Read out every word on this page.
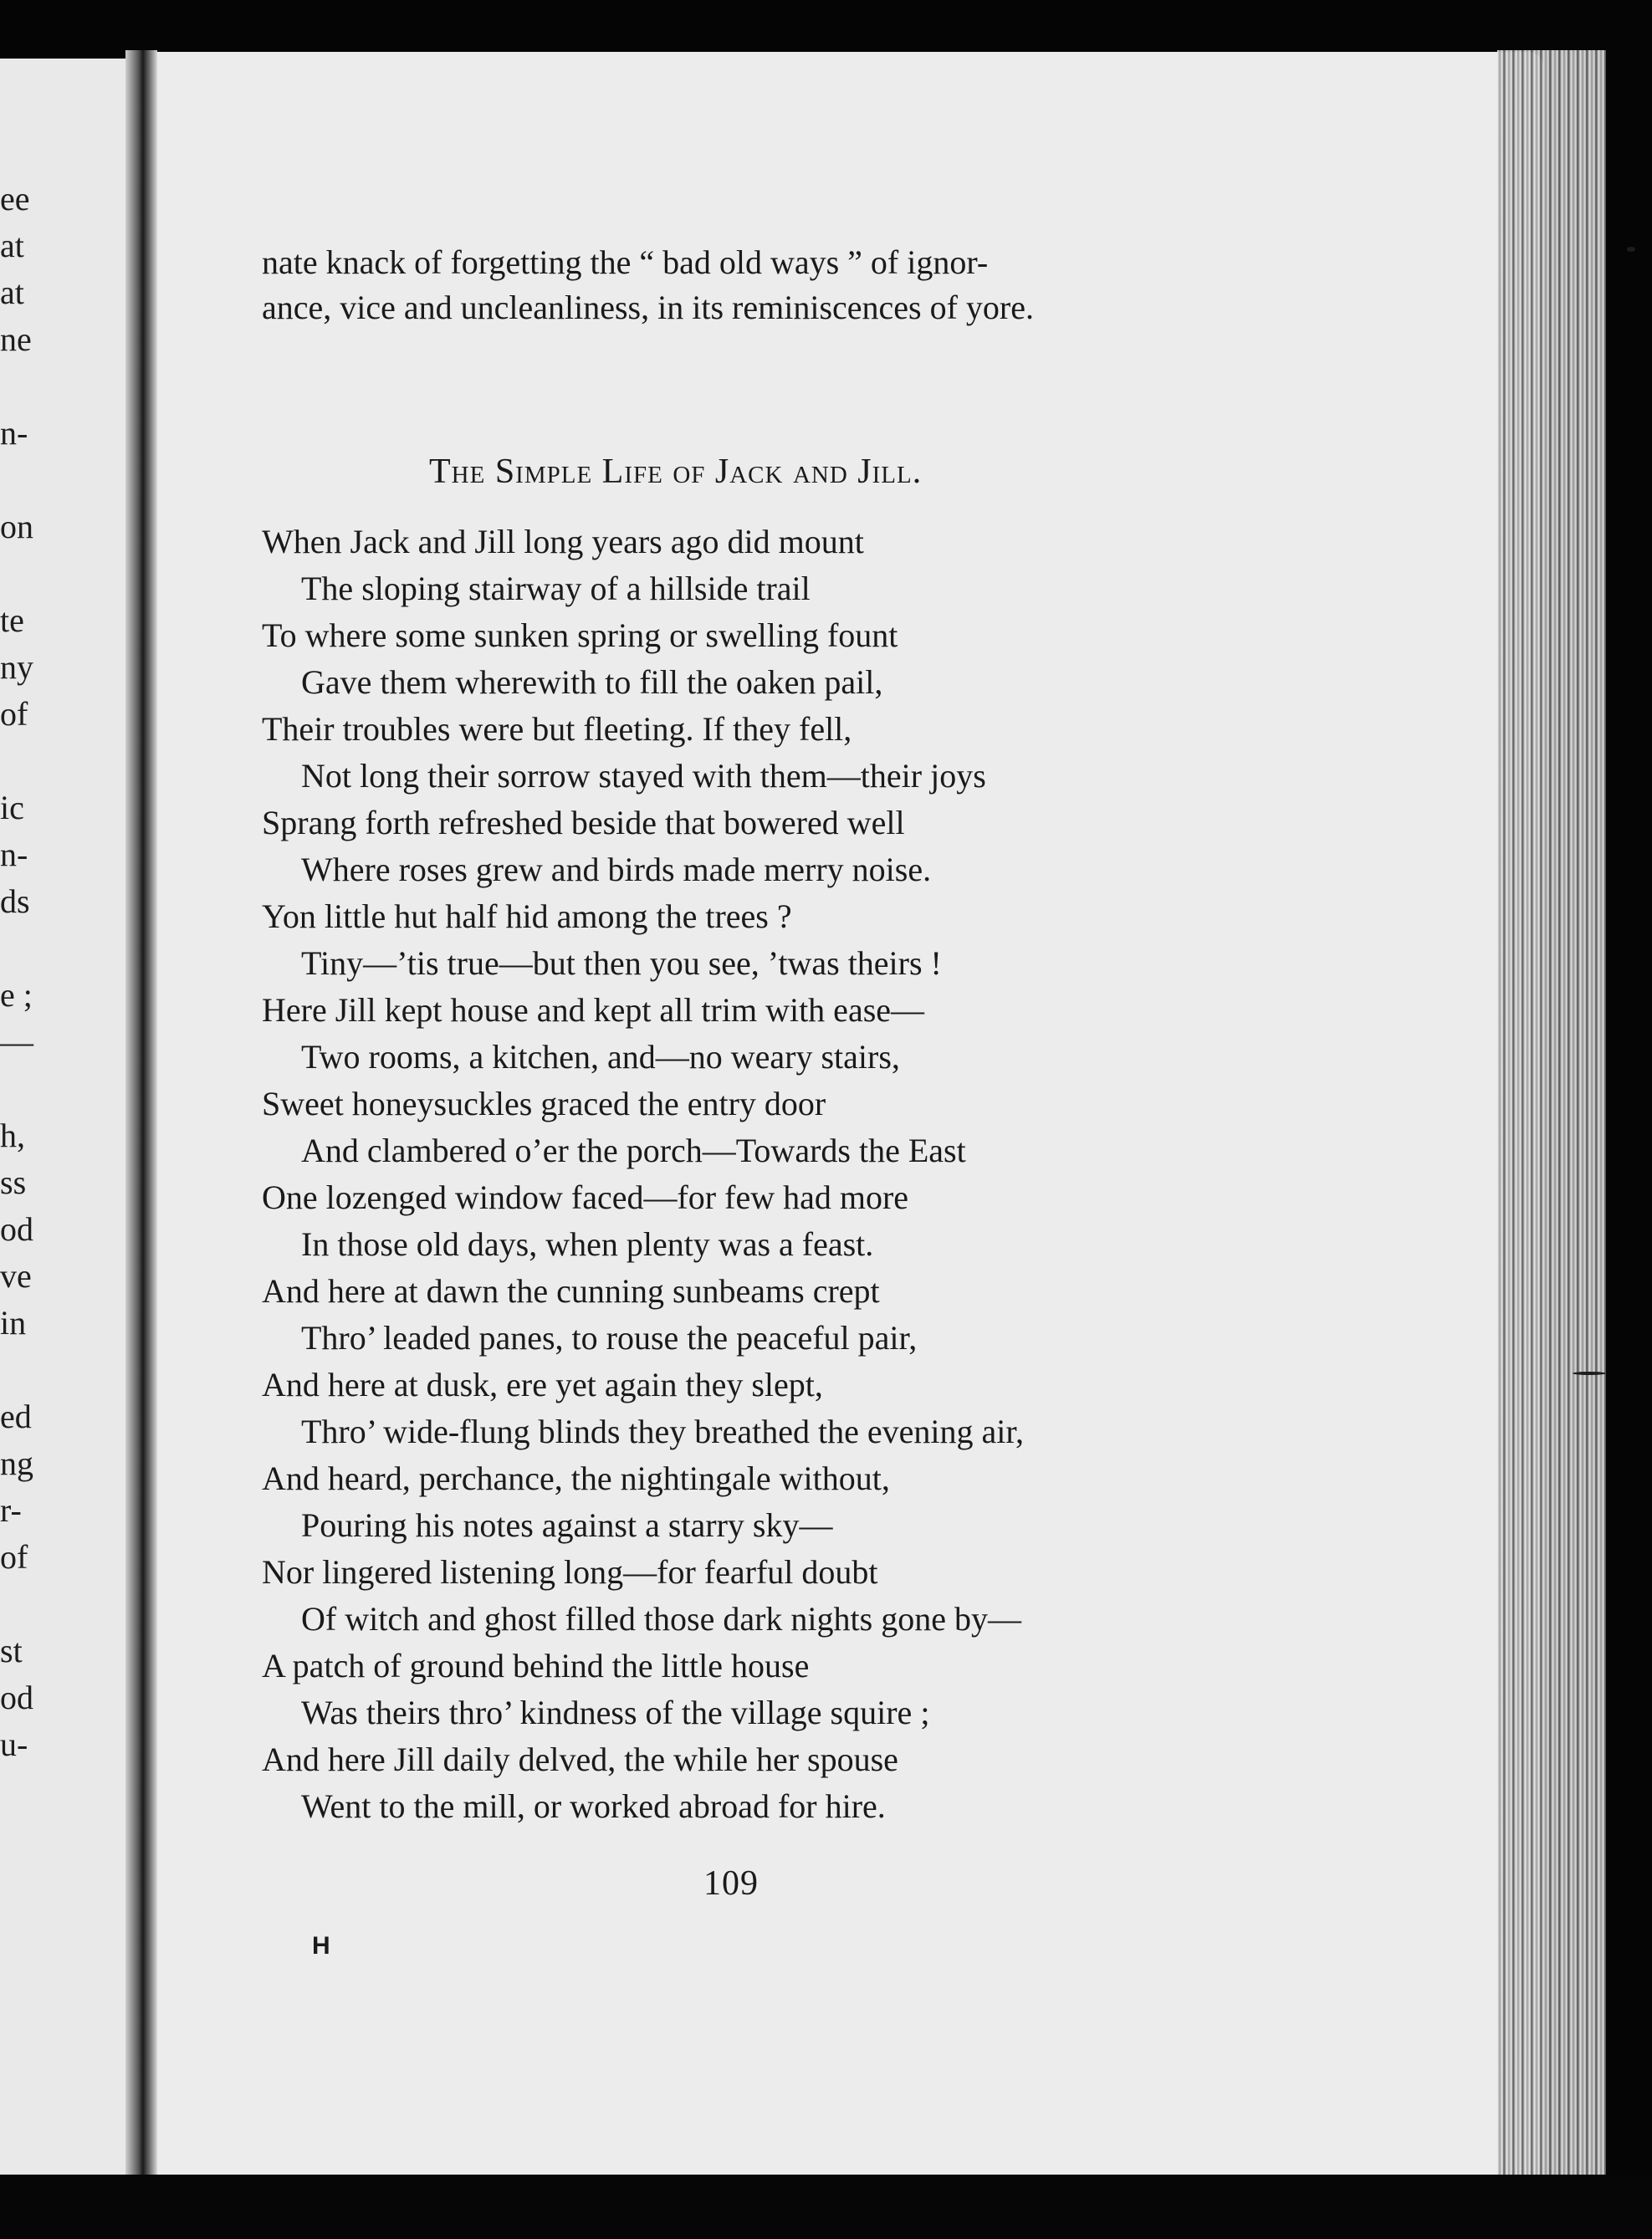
ee
at
at
ne
n-
on
te
ny
of
ic
n-
ds
e ;
—
h,
ss
od
ve
in
ed
ng
r-
of
st
od
u-
nate knack of forgetting the “ bad old ways ” of ignor-
ance, vice and uncleanliness, in its reminiscences of yore.
The Simple Life of Jack and Jill.
When Jack and Jill long years ago did mount
The sloping stairway of a hillside trail
To where some sunken spring or swelling fount
Gave them wherewith to fill the oaken pail,
Their troubles were but fleeting. If they fell,
Not long their sorrow stayed with them—their joys
Sprang forth refreshed beside that bowered well
Where roses grew and birds made merry noise.
Yon little hut half hid among the trees ?
Tiny—’tis true—but then you see, ’twas theirs !
Here Jill kept house and kept all trim with ease—
Two rooms, a kitchen, and—no weary stairs,
Sweet honeysuckles graced the entry door
And clambered o’er the porch—Towards the East
One lozenged window faced—for few had more
In those old days, when plenty was a feast.
And here at dawn the cunning sunbeams crept
Thro’ leaded panes, to rouse the peaceful pair,
And here at dusk, ere yet again they slept,
Thro’ wide-flung blinds they breathed the evening air,
And heard, perchance, the nightingale without,
Pouring his notes against a starry sky—
Nor lingered listening long—for fearful doubt
Of witch and ghost filled those dark nights gone by—
A patch of ground behind the little house
Was theirs thro’ kindness of the village squire ;
And here Jill daily delved, the while her spouse
Went to the mill, or worked abroad for hire.
109
H
